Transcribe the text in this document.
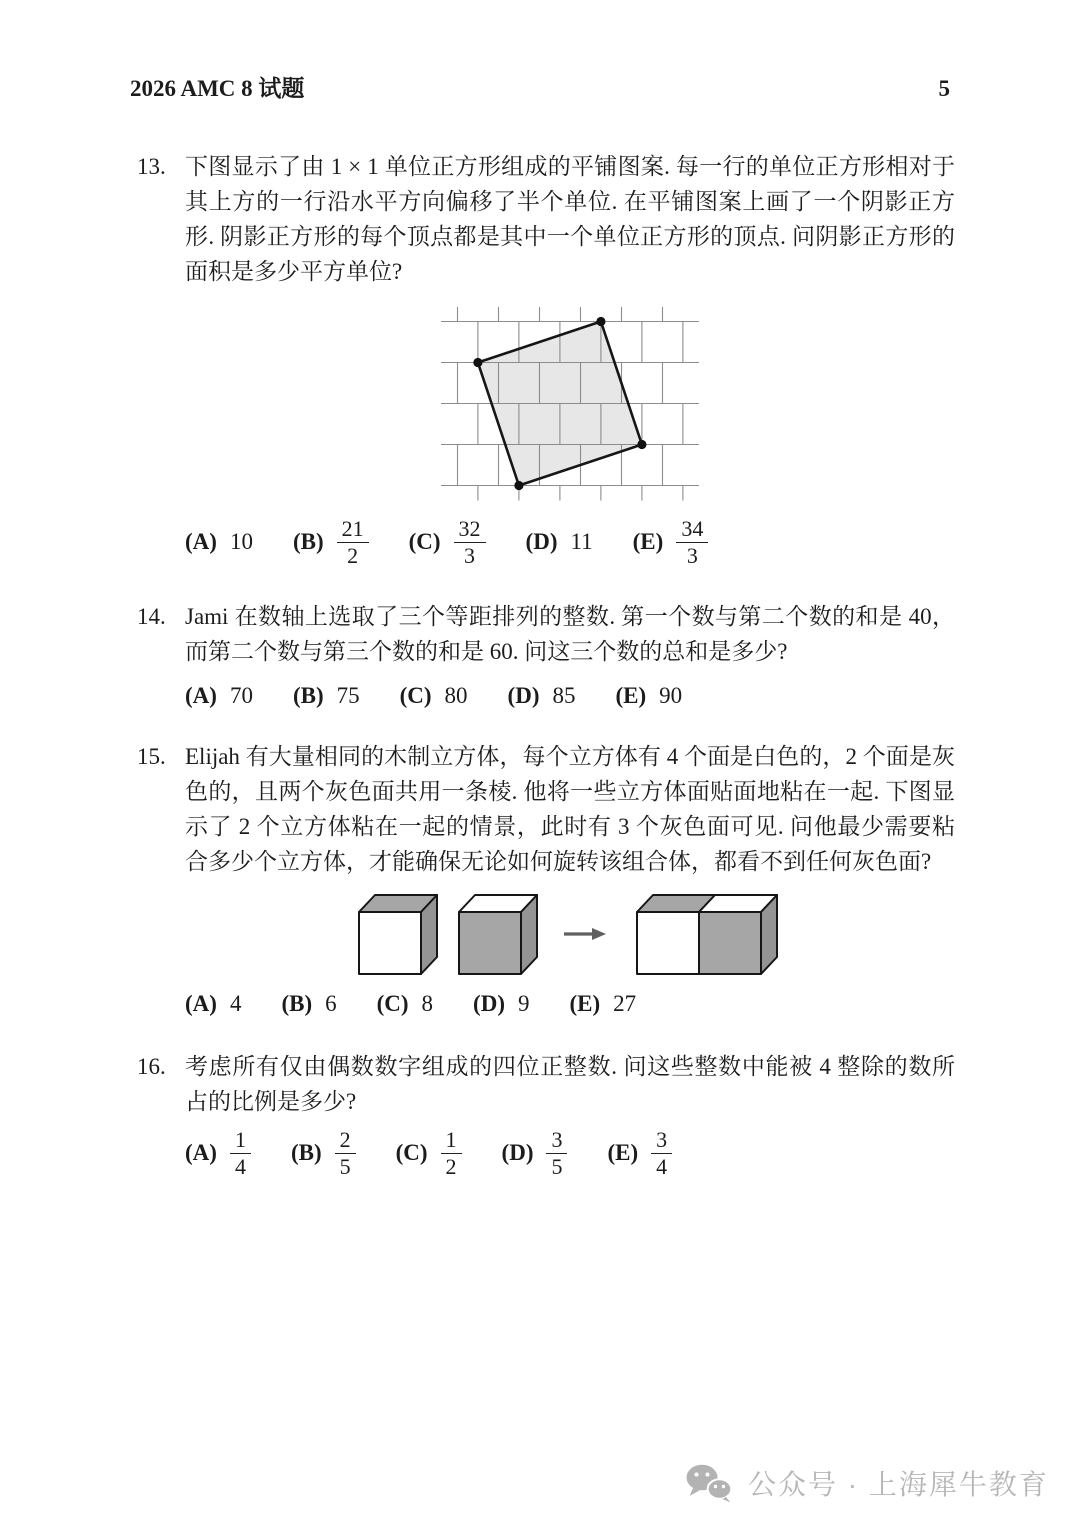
2026 AMC 8 试题	5
13. 下图显示了由 1 × 1 单位正方形组成的平铺图案. 每一行的单位正方形相对于其上方的一行沿水平方向偏移了半个单位. 在平铺图案上画了一个阴影正方形. 阴影正方形的每个顶点都是其中一个单位正方形的顶点. 问阴影正方形的面积是多少平方单位?

(A) 10 $(B) \frac{21}{2} (C) \frac{32}{3} (D)$ 11 $(E) \frac{34}{3}$
14. Jami 在数轴上选取了三个等距排列的整数. 第一个数与第二个数的和是 40，而第二个数与第三个数的和是 60. 问这三个数的总和是多少?

(A) 70 (B) 75 (C) 80 (D) 85 (E) 90
15. Elijah 有大量相同的木制立方体，每个立方体有 4 个面是白色的，2 个面是灰色的，且两个灰色面共用一条棱. 他将一些立方体面贴面地粘在一起. 下图显示了 2 个立方体粘在一起的情景，此时有 3 个灰色面可见. 问他最少需要粘合多少个立方体，才能确保无论如何旋转该组合体，都看不到任何灰色面?

(A) 4 (B) 6 (C) 8 (D) 9 (E) 27
16. 考虑所有仅由偶数数字组成的四位正整数. 问这些整数中能被 4 整除的数所占的比例是多少?

$(A) \frac{1}{4} (B) \frac{2}{5} (C) \frac{1}{2} (D) \frac{3}{5} (E) \frac{3}{4}$
公众号 · 上海犀牛教育
